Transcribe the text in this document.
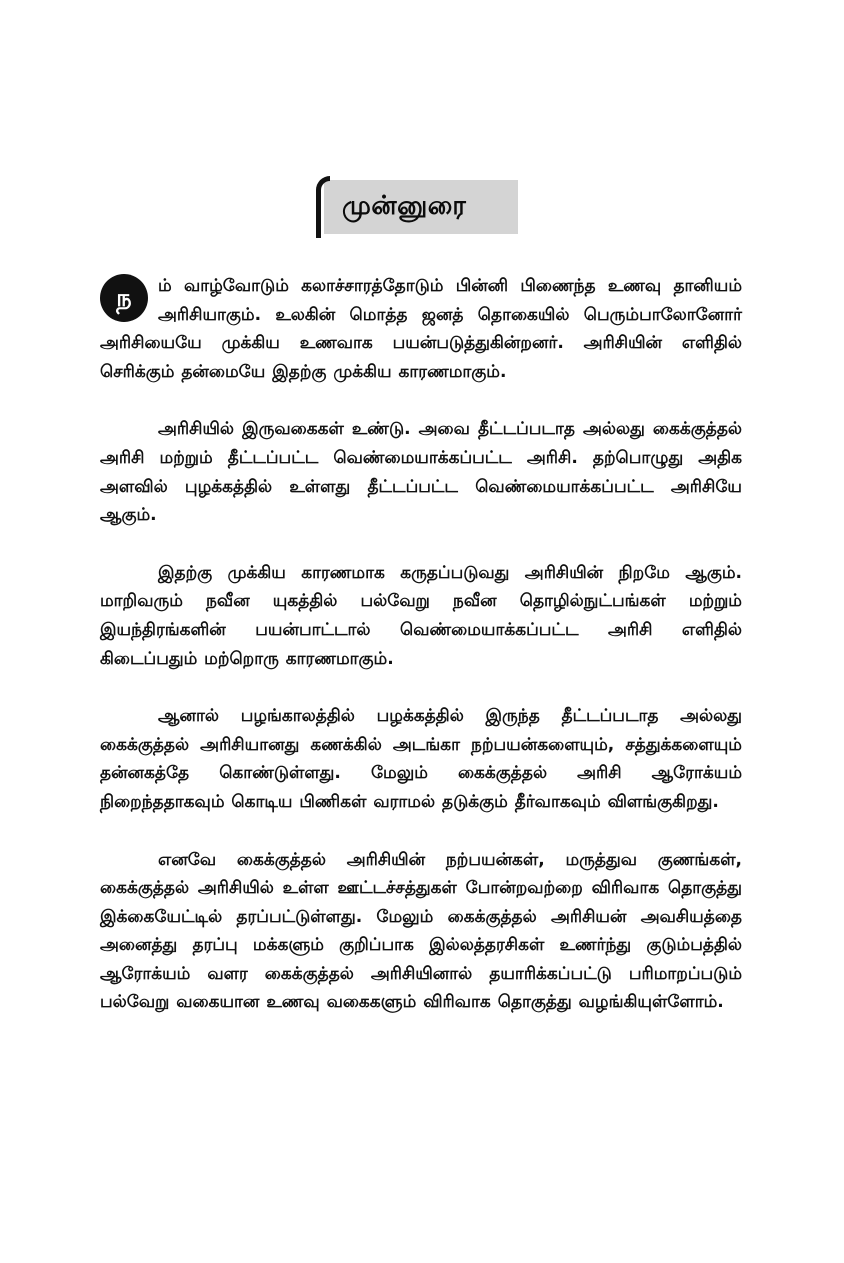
முன்னுரை

ந	ம் வாழ்வோடும் கலாச்சாரத்தோடும் பின்னி பிணைந்த உணவு தானியம் அரிசியாகும். உலகின் மொத்த ஜனத் தொகையில் பெரும்பாலோனோர் அரிசியையே முக்கிய உணவாக பயன்படுத்துகின்றனர். அரிசியின் எளிதில் செரிக்கும் தன்மையே இதற்கு முக்கிய காரணமாகும்.

அரிசியில் இருவகைகள் உண்டு. அவை தீட்டப்படாத அல்லது கைக்குத்தல் அரிசி மற்றும் தீட்டப்பட்ட வெண்மையாக்கப்பட்ட அரிசி. தற்பொழுது அதிக அளவில் புழக்கத்தில் உள்ளது தீட்டப்பட்ட வெண்மையாக்கப்பட்ட அரிசியே ஆகும்.

இதற்கு முக்கிய காரணமாக கருதப்படுவது அரிசியின் நிறமே ஆகும். மாறிவரும் நவீன யுகத்தில் பல்வேறு நவீன தொழில்நுட்பங்கள் மற்றும் இயந்திரங்களின் பயன்பாட்டால் வெண்மையாக்கப்பட்ட அரிசி எளிதில் கிடைப்பதும் மற்றொரு காரணமாகும்.

ஆனால் பழங்காலத்தில் பழக்கத்தில் இருந்த தீட்டப்படாத அல்லது கைக்குத்தல் அரிசியானது கணக்கில் அடங்கா நற்பயன்களையும், சத்துக்களையும் தன்னகத்தே கொண்டுள்ளது. மேலும் கைக்குத்தல் அரிசி ஆரோக்யம் நிறைந்ததாகவும் கொடிய பிணிகள் வராமல் தடுக்கும் தீர்வாகவும் விளங்குகிறது.

எனவே கைக்குத்தல் அரிசியின் நற்பயன்கள், மருத்துவ குணங்கள், கைக்குத்தல் அரிசியில் உள்ள ஊட்டச்சத்துகள் போன்றவற்றை விரிவாக தொகுத்து இக்கையேட்டில் தரப்பட்டுள்ளது. மேலும் கைக்குத்தல் அரிசியன் அவசியத்தை அனைத்து தரப்பு மக்களும் குறிப்பாக இல்லத்தரசிகள் உணர்ந்து குடும்பத்தில் ஆரோக்யம் வளர கைக்குத்தல் அரிசியினால் தயாரிக்கப்பட்டு பரிமாறப்படும் பல்வேறு வகையான உணவு வகைகளும் விரிவாக தொகுத்து வழங்கியுள்ளோம்.
